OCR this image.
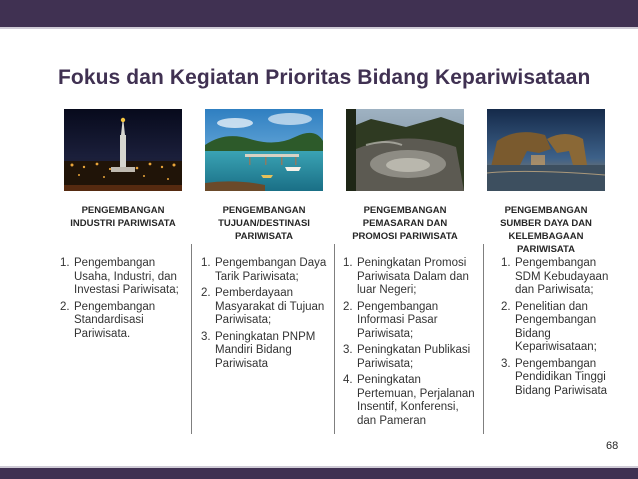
Fokus dan Kegiatan Prioritas Bidang Kepariwisataan
PENGEMBANGAN
INDUSTRI PARIWISATA
PENGEMBANGAN
TUJUAN/DESTINASI
PARIWISATA
PENGEMBANGAN
PEMASARAN DAN
PROMOSI PARIWISATA
PENGEMBANGAN
SUMBER DAYA DAN
KELEMBAGAAN
PARIWISATA
1. Pengembangan Usaha, Industri, dan Investasi Pariwisata;
2. Pengembangan Standardisasi Pariwisata.
1. Pengembangan Daya Tarik Pariwisata;
2. Pemberdayaan Masyarakat di Tujuan Pariwisata;
3. Peningkatan PNPM Mandiri Bidang Pariwisata
1. Peningkatan Promosi Pariwisata Dalam dan luar Negeri;
2. Pengembangan Informasi Pasar Pariwisata;
3. Peningkatan Publikasi Pariwisata;
4. Peningkatan Pertemuan, Perjalanan Insentif, Konferensi, dan Pameran
1. Pengembangan SDM Kebudayaan dan Pariwisata;
2. Penelitian dan Pengembangan Bidang Kepariwisataan;
3. Pengembangan Pendidikan Tinggi Bidang Pariwisata
68
